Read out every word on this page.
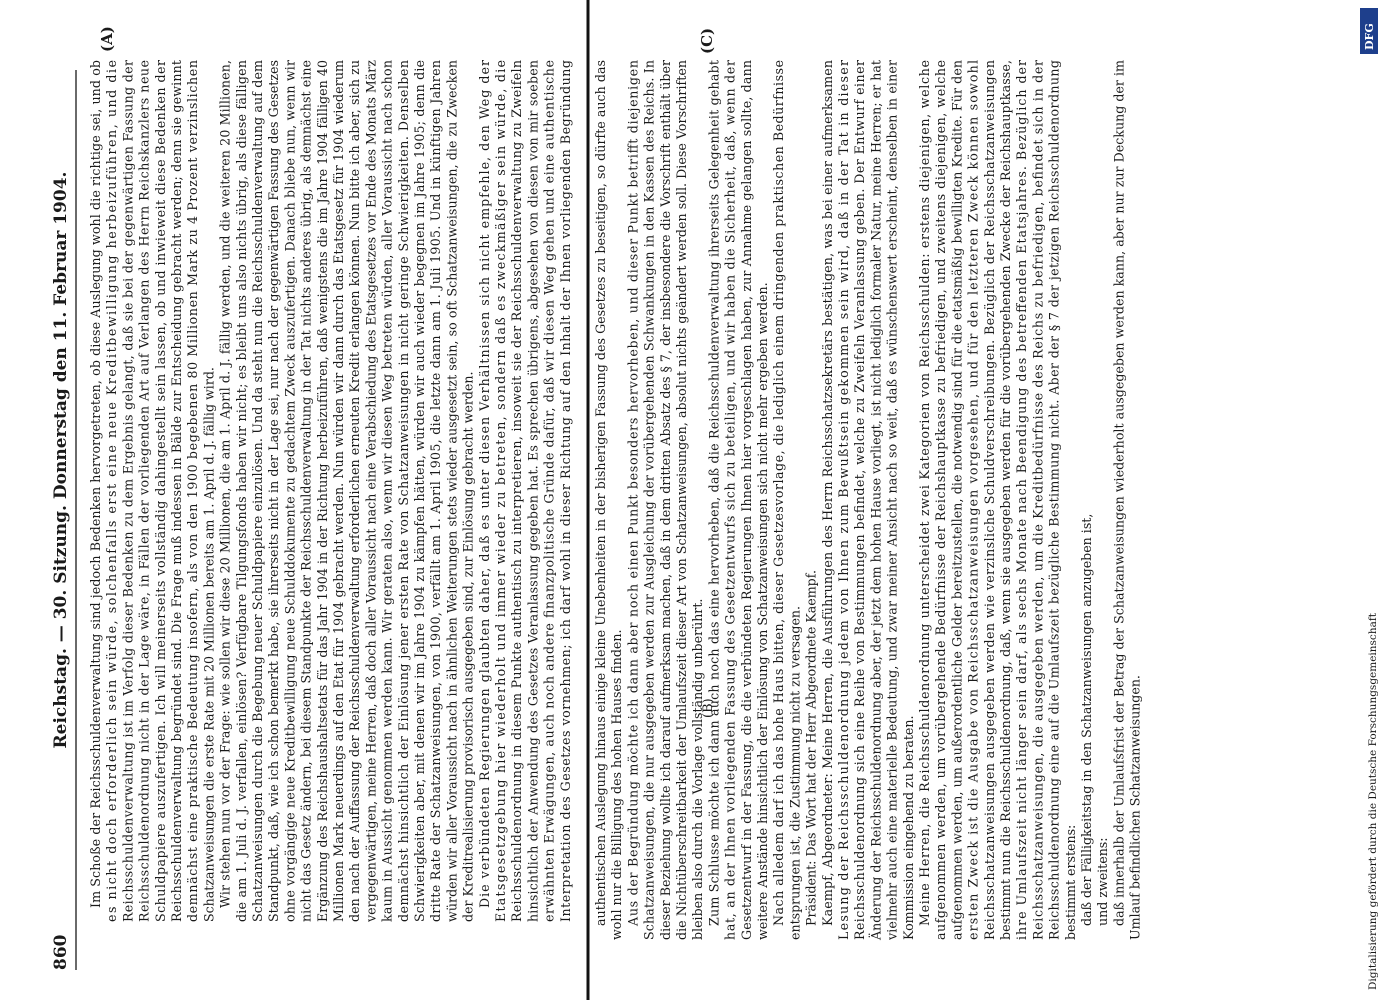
860
Reichstag. — 30. Sitzung. Donnerstag den 11. Februar 1904.
(A)
(B)
(C)
Im Schoße der Reichsschuldenverwaltung sind jedoch Bedenken hervorgetreten, ob diese Auslegung wohl die richtige sei, und obes nicht doch erforderlich sein würde, solchenfalls erst eine neue Kreditbewilligung herbeizuführen, und dieReichsschuldenverwaltung ist im Verfolg dieser Bedenken zu dem Ergebnis gelangt, daß sie bei der gegenwärtigen Fassung derReichsschuldenordnung nicht in der Lage wäre, in Fällen der vorliegenden Art auf Verlangen des Herrn Reichskanzlers neueSchuldpapiere auszufertigen. Ich will meinerseits vollständig dahingestellt sein lassen, ob und inwieweit diese Bedenken derReichsschuldenverwaltung begründet sind. Die Frage muß indessen in Bälde zur Entscheidung gebracht werden; denn sie gewinntdemnächst eine praktische Bedeutung insofern, als von den 1900 begebenen 80 Millionen Mark zu 4 Prozent verzinslichenSchatzanweisungen die erste Rate mit 20 Millionen bereits am 1. April d. J. fällig wird. Wir stehen nun vor der Frage: wie sollen wir diese 20 Millionen, die am 1. April d. J. fällig werden, und die weiteren 20 Millionen,die am 1. Juli d. J. verfallen, einlösen? Verfügbare Tilgungsfonds haben wir nicht; es bleibt uns also nichts übrig, als diese fälligenSchatzanweisungen durch die Begebung neuer Schuldpapiere einzulösen. Und da steht nun die Reichsschuldenverwaltung auf demStandpunkt, daß, wie ich schon bemerkt habe, sie ihrerseits nicht in der Lage sei, nur nach der gegenwärtigen Fassung des Gesetzesohne vorgängige neue Kreditbewilligung neue Schulddokumente zu gedachtem Zweck auszufertigen. Danach bliebe nun, wenn wirnicht das Gesetz ändern, bei diesem Standpunkte der Reichsschuldenverwaltung in der Tat nichts anderes übrig, als demnächst eineErgänzung des Reichshaushaltsetats für das Jahr 1904 in der Richtung herbeizuführen, daß wenigstens die im Jahre 1904 fälligen 40Millionen Mark neuerdings auf den Etat für 1904 gebracht werden. Nun würden wir dann durch das Etatsgesetz für 1904 wiederumden nach der Auffassung der Reichsschuldenverwaltung erforderlichen erneuten Kredit erlangen können. Nun bitte ich aber, sich zuvergegenwärtigen, meine Herren, daß doch aller Voraussicht nach eine Verabschiedung des Etatsgesetzes vor Ende des Monats Märzkaum in Aussicht genommen werden kann. Wir geraten also, wenn wir diesen Weg betreten würden, aller Voraussicht nach schondemnächst hinsichtlich der Einlösung jener ersten Rate von Schatzanweisungen in nicht geringe Schwierigkeiten. DenselbenSchwierigkeiten aber, mit denen wir im Jahre 1904 zu kämpfen hätten, würden wir auch wieder begegnen im Jahre 1905; denn diedritte Rate der Schatzanweisungen, von 1900, verfällt am 1. April 1905, die letzte dann am 1. Juli 1905. Und in künftigen Jahrenwürden wir aller Voraussicht nach in ähnlichen Weiterungen stets wieder ausgesetzt sein, so oft Schatzanweisungen, die zu Zweckender Kreditrealisierung provisorisch ausgegeben sind, zur Einlösung gebracht werden. Die verbündeten Regierungen glaubten daher, daß es unter diesen Verhältnissen sich nicht empfehle, den Weg derEtatsgesetzgebung hier wiederholt und immer wieder zu betreten, sondern daß es zweckmäßiger sein würde, dieReichsschuldenordnung in diesem Punkte authentisch zu interpretieren, insoweit sie der Reichsschuldenverwaltung zu Zweifelnhinsichtlich der Anwendung des Gesetzes Veranlassung gegeben hat. Es sprechen übrigens, abgesehen von diesen von mir soebenerwähnten Erwägungen, auch noch andere finanzpolitische Gründe dafür, daß wir diesen Weg gehen und eine authentischeInterpretation des Gesetzes vornehmen; ich darf wohl in dieser Richtung auf den Inhalt der Ihnen vorliegenden Begründung
authentischen Auslegung hinaus einige kleine Unebenheiten in der bisherigen Fassung des Gesetzes zu beseitigen, so dürfte auch daswohl nur die Billigung des hohen Hauses finden. Aus der Begründung möchte ich dann aber noch einen Punkt besonders hervorheben, und dieser Punkt betrifft diejenigenSchatzanweisungen, die nur ausgegeben werden zur Ausgleichung der vorübergehenden Schwankungen in den Kassen des Reichs. Indieser Beziehung wollte ich darauf aufmerksam machen, daß in dem dritten Absatz des § 7, der insbesondere die Vorschrift enthält überdie Nichtüberschreitbarkeit der Umlaufszeit dieser Art von Schatzanweisungen, absolut nichts geändert werden soll. Diese Vorschriftenbleiben also durch die Vorlage vollständig unberührt. Zum Schlusse möchte ich dann auch noch das eine hervorheben, daß die Reichsschuldenverwaltung ihrerseits Gelegenheit gehabthat, an der Ihnen vorliegenden Fassung des Gesetzentwurfs sich zu beteiligen, und wir haben die Sicherheit, daß, wenn derGesetzentwurf in der Fassung, die die verbündeten Regierungen Ihnen hier vorgeschlagen haben, zur Annahme gelangen sollte, dannweitere Anstände hinsichtlich der Einlösung von Schatzanweisungen sich nicht mehr ergeben werden. Nach alledem darf ich das hohe Haus bitten, dieser Gesetzesvorlage, die lediglich einem dringenden praktischen Bedürfnisseentsprungen ist, die Zustimmung nicht zu versagen. Präsident: Das Wort hat der Herr Abgeordnete Kaempf. Kaempf, Abgeordneter: Meine Herren, die Ausführungen des Herrn Reichsschatzsekretärs bestätigen, was bei einer aufmerksamenLesung der Reichsschuldenordnung jedem von Ihnen zum Bewußtsein gekommen sein wird, daß in der Tat in dieserReichsschuldenordnung sich eine Reihe von Bestimmungen befindet, welche zu Zweifeln Veranlassung geben. Der Entwurf einerÄnderung der Reichsschuldenordnung aber, der jetzt dem hohen Hause vorliegt, ist nicht lediglich formaler Natur, meine Herren; er hatvielmehr auch eine materielle Bedeutung, und zwar meiner Ansicht nach so weit, daß es wünschenswert erscheint, denselben in einerKommission eingehend zu beraten. Meine Herren, die Reichsschuldenordnung unterscheidet zwei Kategorien von Reichsschulden: erstens diejenigen, welcheaufgenommen werden, um vorübergehende Bedürfnisse der Reichshauptkasse zu befriedigen, und zweitens diejenigen, welcheaufgenommen werden, um außerordentliche Gelder bereitzustellen, die notwendig sind für die etatsmäßig bewilligten Kredite. Für denersten Zweck ist die Ausgabe von Reichsschatzanweisungen vorgesehen, und für den letzteren Zweck können sowohlReichsschatzanweisungen ausgegeben werden wie verzinsliche Schuldverschreibungen. Bezüglich der Reichsschatzanweisungenbestimmt nun die Reichsschuldenordnung, daß, wenn sie ausgegeben werden für die vorübergehenden Zwecke der Reichshauptkasse,ihre Umlaufszeit nicht länger sein darf, als sechs Monate nach Beendigung des betreffenden Etatsjahres. Bezüglich derReichsschatzanweisungen, die ausgegeben werden, um die Kreditbedürfnisse des Reichs zu befriedigen, befindet sich in derReichsschuldenordnung eine auf die Umlaufszeit bezügliche Bestimmung nicht. Aber der § 7 der jetzigen Reichsschuldenordnungbestimmt erstens: daß der Fälligkeitstag in den Schatzanweisungen anzugeben ist, und zweitens: daß innerhalb der Umlaufsfrist der Betrag der Schatzanweisungen wiederholt ausgegeben werden kann, aber nur zur Deckung der imUmlauf befindlichen Schatzanweisungen.	Digitalisierung gefördert durch die Deutsche Forschungsgemeinschaft
DFG
